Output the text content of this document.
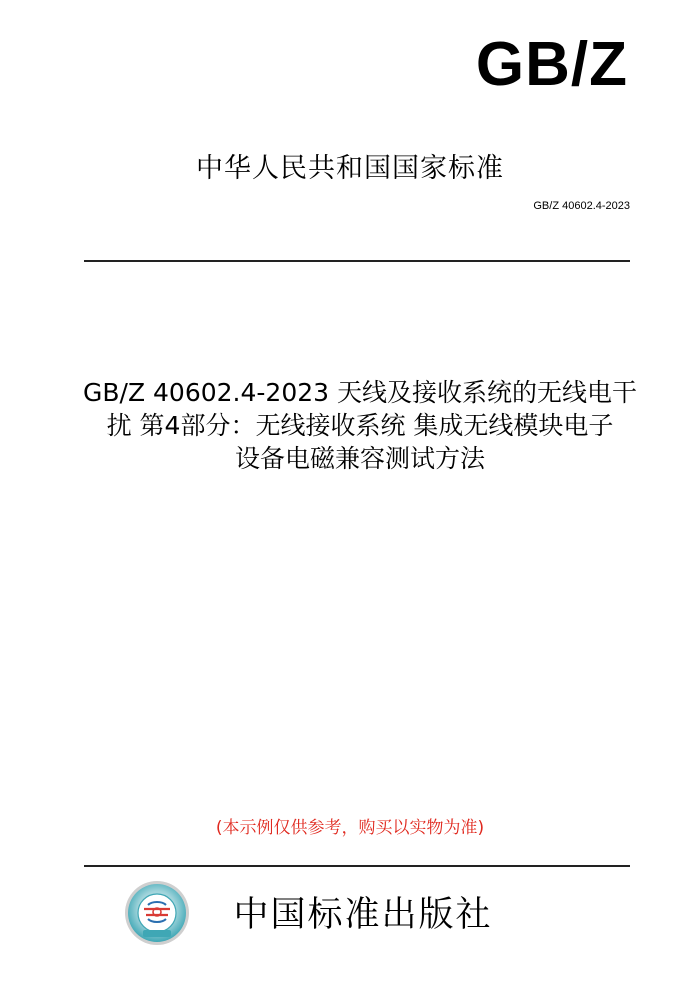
GB/Z
中华人民共和国国家标准
GB/Z 40602.4-2023
GB/Z 40602.4-2023 天线及接收系统的无线电干
扰 第4部分：无线接收系统 集成无线模块电子
设备电磁兼容测试方法
(本示例仅供参考，购买以实物为准)
中国标准出版社
